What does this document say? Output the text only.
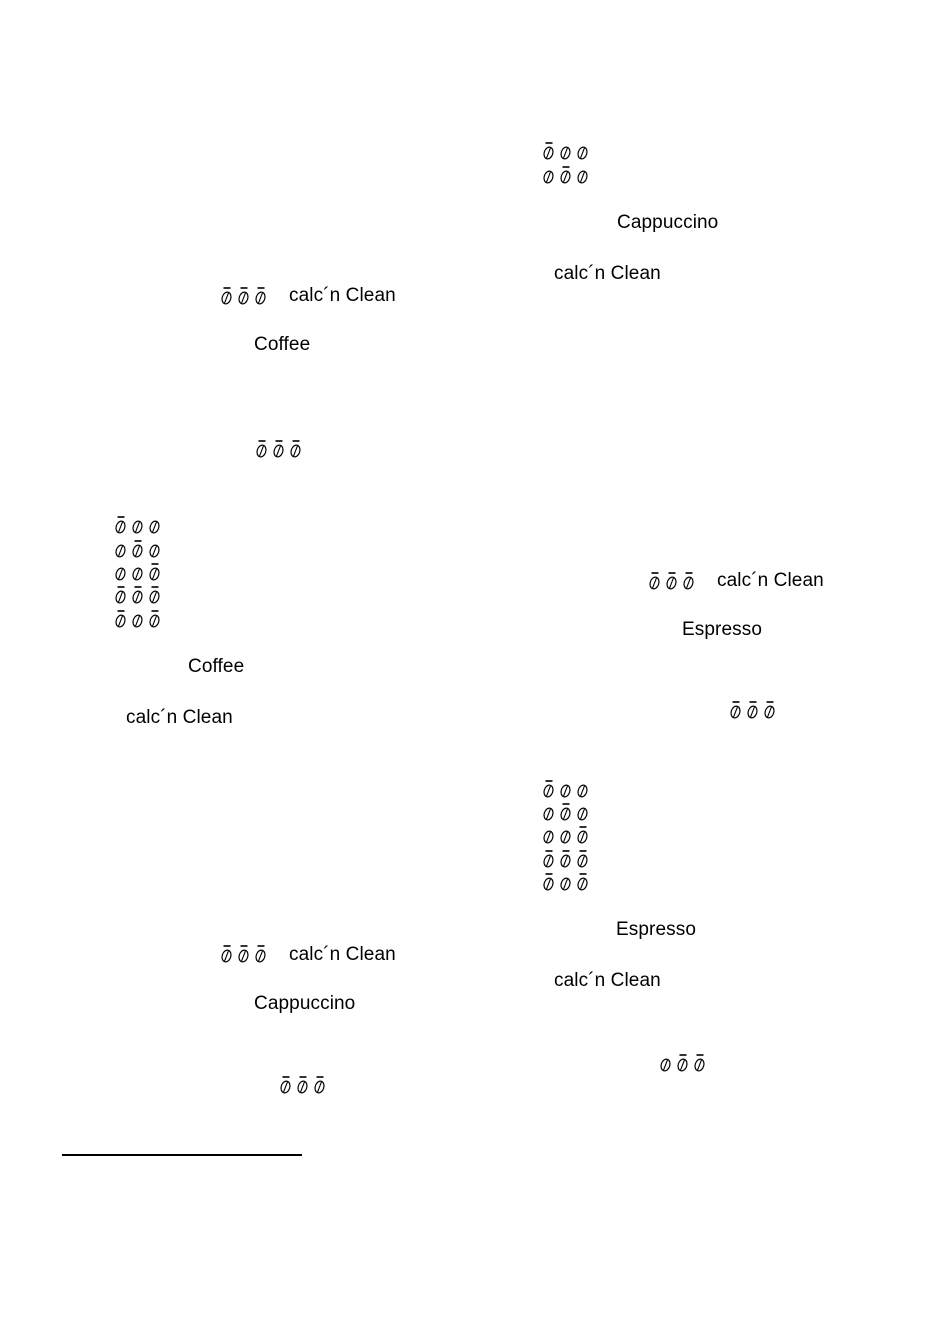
calc´n Clean
Coffee
Coffee
calc´n Clean
calc´n Clean
Cappuccino
Cappuccino
calc´n Clean
calc´n Clean
Espresso
Espresso
calc´n Clean
